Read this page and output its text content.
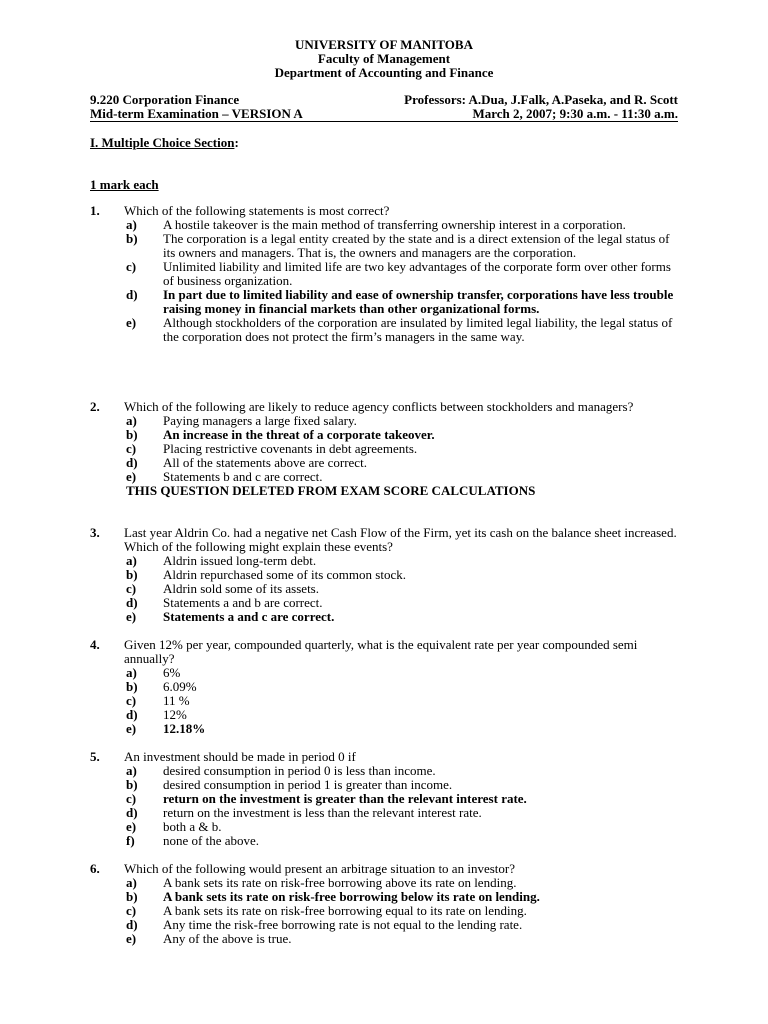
UNIVERSITY OF MANITOBA
Faculty of Management
Department of Accounting and Finance
9.220 Corporation Finance	Professors: A.Dua, J.Falk, A.Paseka, and R. Scott
Mid-term Examination – VERSION A	March 2, 2007; 9:30 a.m. - 11:30 a.m.
I. Multiple Choice Section:
1 mark each
1. Which of the following statements is most correct?
a) A hostile takeover is the main method of transferring ownership interest in a corporation.
b) The corporation is a legal entity created by the state and is a direct extension of the legal status of its owners and managers. That is, the owners and managers are the corporation.
c) Unlimited liability and limited life are two key advantages of the corporate form over other forms of business organization.
d) In part due to limited liability and ease of ownership transfer, corporations have less trouble raising money in financial markets than other organizational forms.
e) Although stockholders of the corporation are insulated by limited legal liability, the legal status of the corporation does not protect the firm’s managers in the same way.
2. Which of the following are likely to reduce agency conflicts between stockholders and managers?
a) Paying managers a large fixed salary.
b) An increase in the threat of a corporate takeover.
c) Placing restrictive covenants in debt agreements.
d) All of the statements above are correct.
e) Statements b and c are correct.
THIS QUESTION DELETED FROM EXAM SCORE CALCULATIONS
3. Last year Aldrin Co. had a negative net Cash Flow of the Firm, yet its cash on the balance sheet increased. Which of the following might explain these events?
a) Aldrin issued long-term debt.
b) Aldrin repurchased some of its common stock.
c) Aldrin sold some of its assets.
d) Statements a and b are correct.
e) Statements a and c are correct.
4. Given 12% per year, compounded quarterly, what is the equivalent rate per year compounded semi annually?
a) 6%
b) 6.09%
c) 11 %
d) 12%
e) 12.18%
5. An investment should be made in period 0 if
a) desired consumption in period 0 is less than income.
b) desired consumption in period 1 is greater than income.
c) return on the investment is greater than the relevant interest rate.
d) return on the investment is less than the relevant interest rate.
e) both a & b.
f) none of the above.
6. Which of the following would present an arbitrage situation to an investor?
a) A bank sets its rate on risk-free borrowing above its rate on lending.
b) A bank sets its rate on risk-free borrowing below its rate on lending.
c) A bank sets its rate on risk-free borrowing equal to its rate on lending.
d) Any time the risk-free borrowing rate is not equal to the lending rate.
e) Any of the above is true.
